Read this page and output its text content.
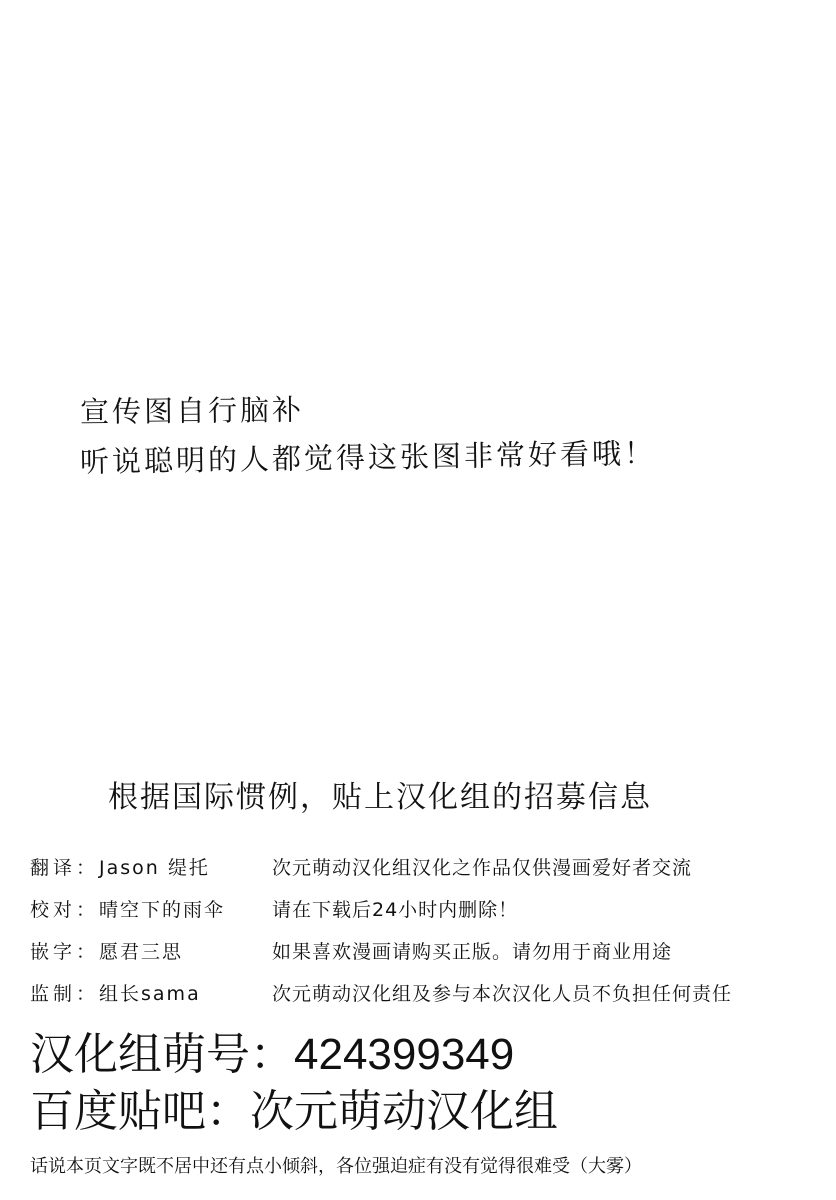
宣传图自行脑补
听说聪明的人都觉得这张图非常好看哦！
根据国际惯例，贴上汉化组的招募信息
翻译：Jason 缇托
校对：晴空下的雨伞
嵌字：愿君三思
监制：组长sama
次元萌动汉化组汉化之作品仅供漫画爱好者交流
请在下载后24小时内删除！
如果喜欢漫画请购买正版。请勿用于商业用途
次元萌动汉化组及参与本次汉化人员不负担任何责任
汉化组萌号：424399349
百度贴吧：次元萌动汉化组
话说本页文字既不居中还有点小倾斜，各位强迫症有没有觉得很难受（大雾）
